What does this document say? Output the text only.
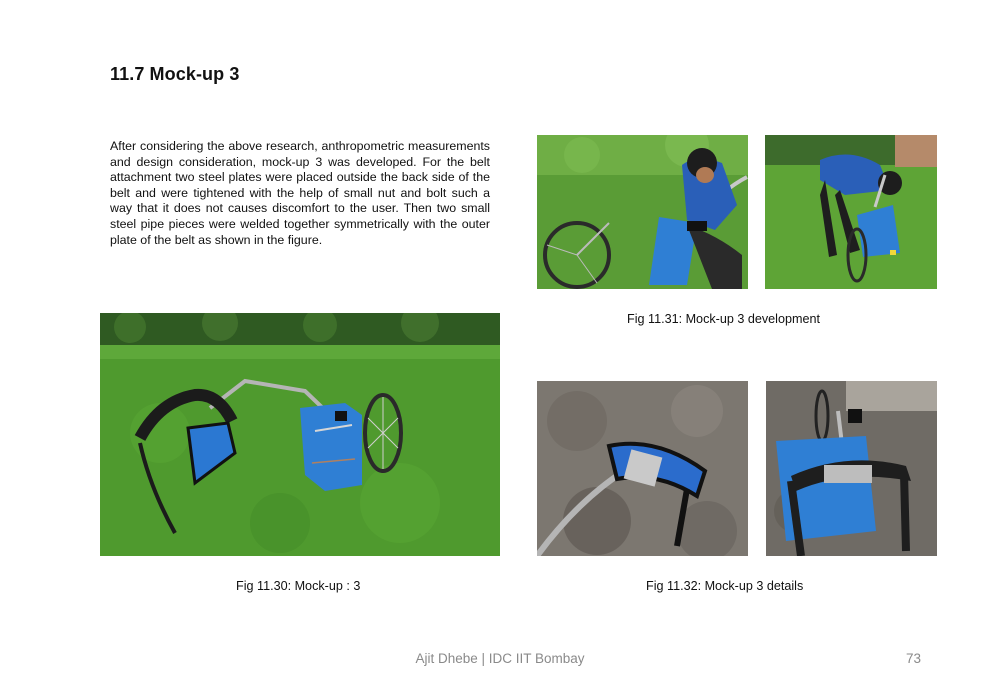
11.7 Mock-up 3
After considering the above research, anthropometric measurements and design consideration, mock-up 3 was developed. For the belt attachment two steel plates were placed outside the back side of the belt and were tightened with the help of small nut and bolt such a way that it does not causes discomfort to the user. Then two small steel pipe pieces were welded together symmetrically with the outer plate of the belt as shown in the figure.
Fig 11.31: Mock-up 3 development
Fig 11.30: Mock-up : 3	Fig 11.32: Mock-up 3 details
Ajit Dhebe | IDC IIT Bombay	73
